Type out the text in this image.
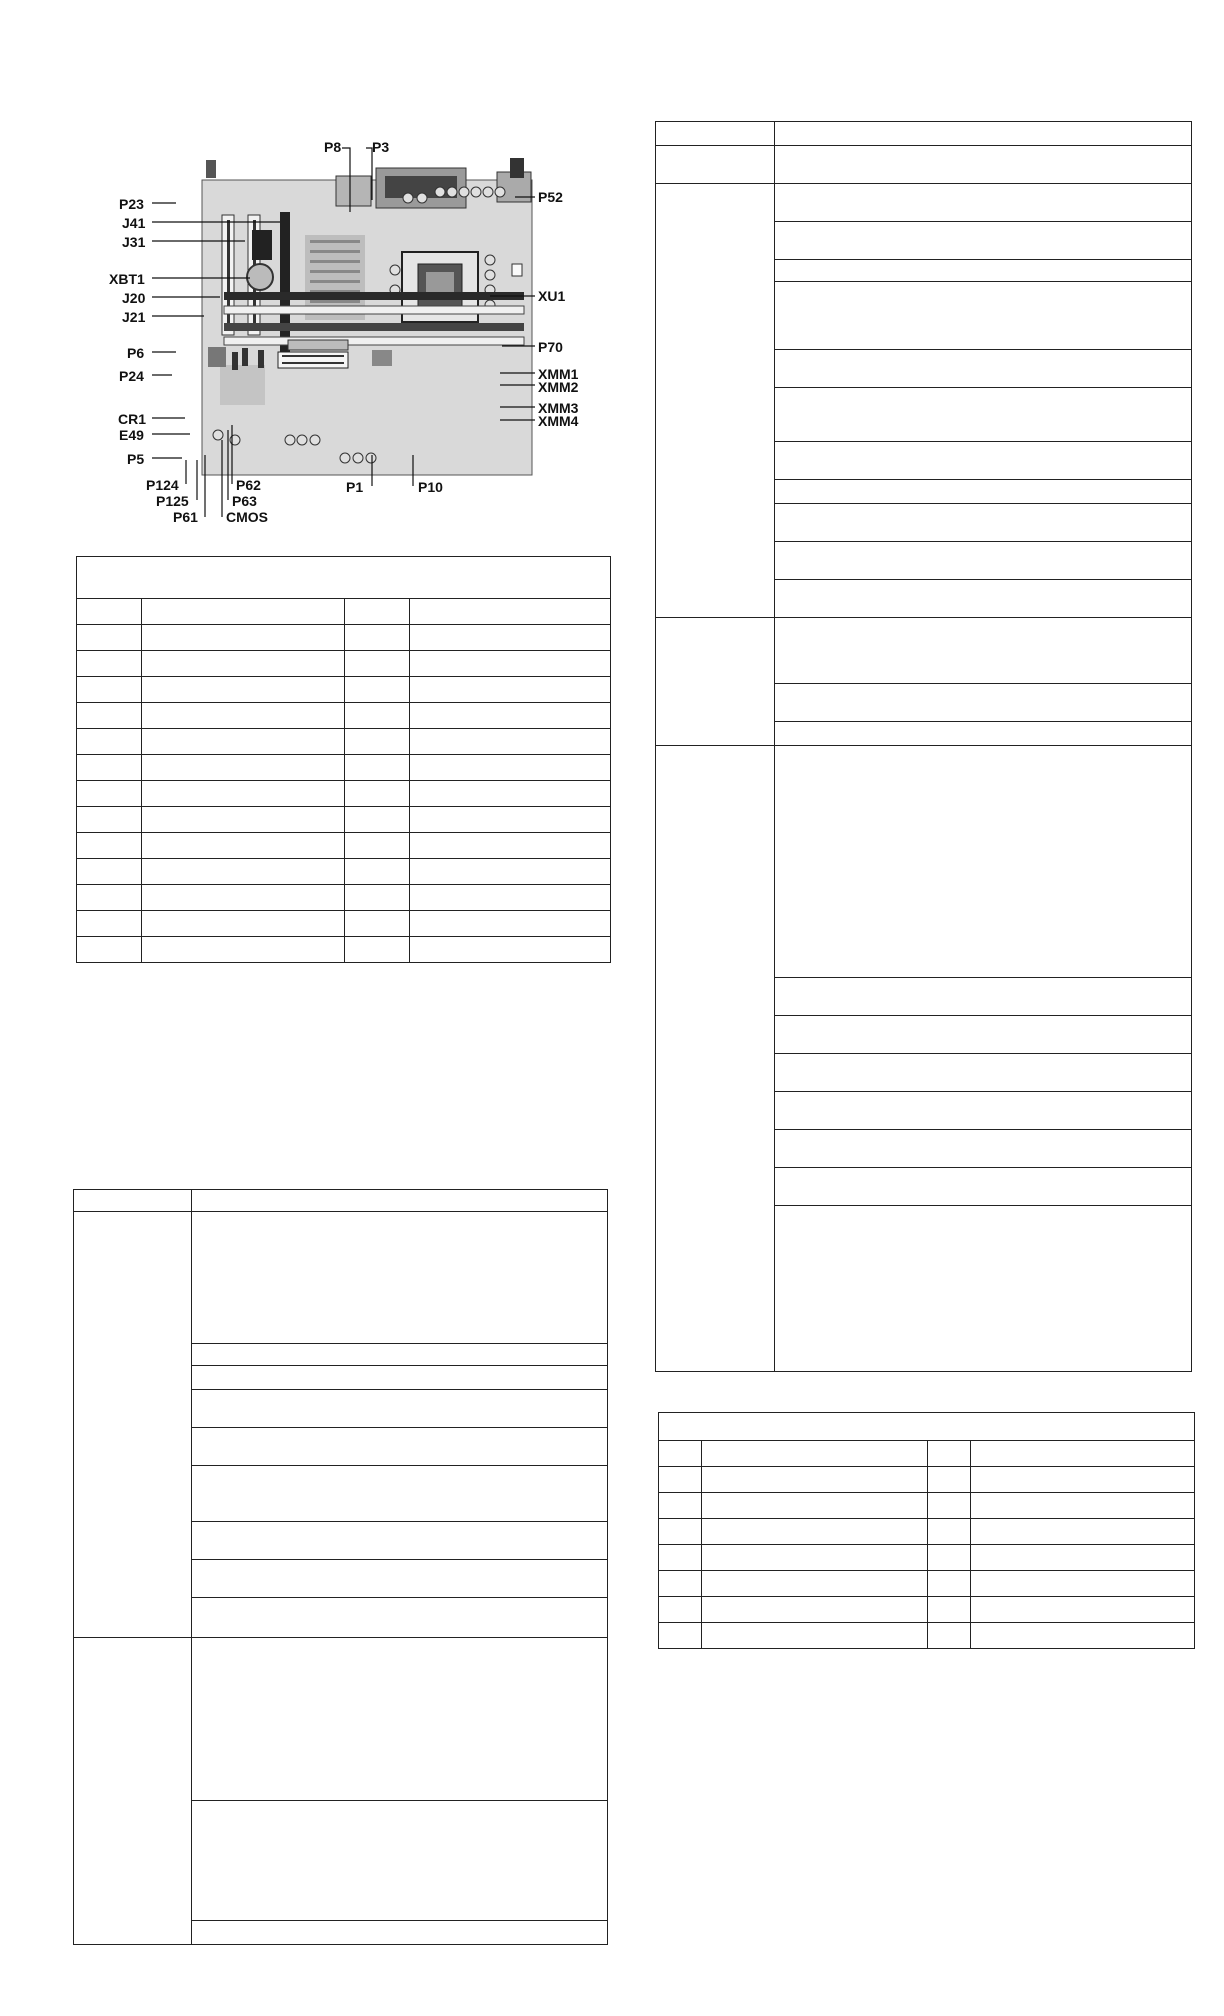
P8 P3
P23	P52
J41
J31
XBT1
XU1
J20
J21
P6	P70
P24	XMM1
XMM2
CR1
XMM3
XMM4
E49
P5
P124	P62
P125	P63
P61 CMOS
P1	P10
